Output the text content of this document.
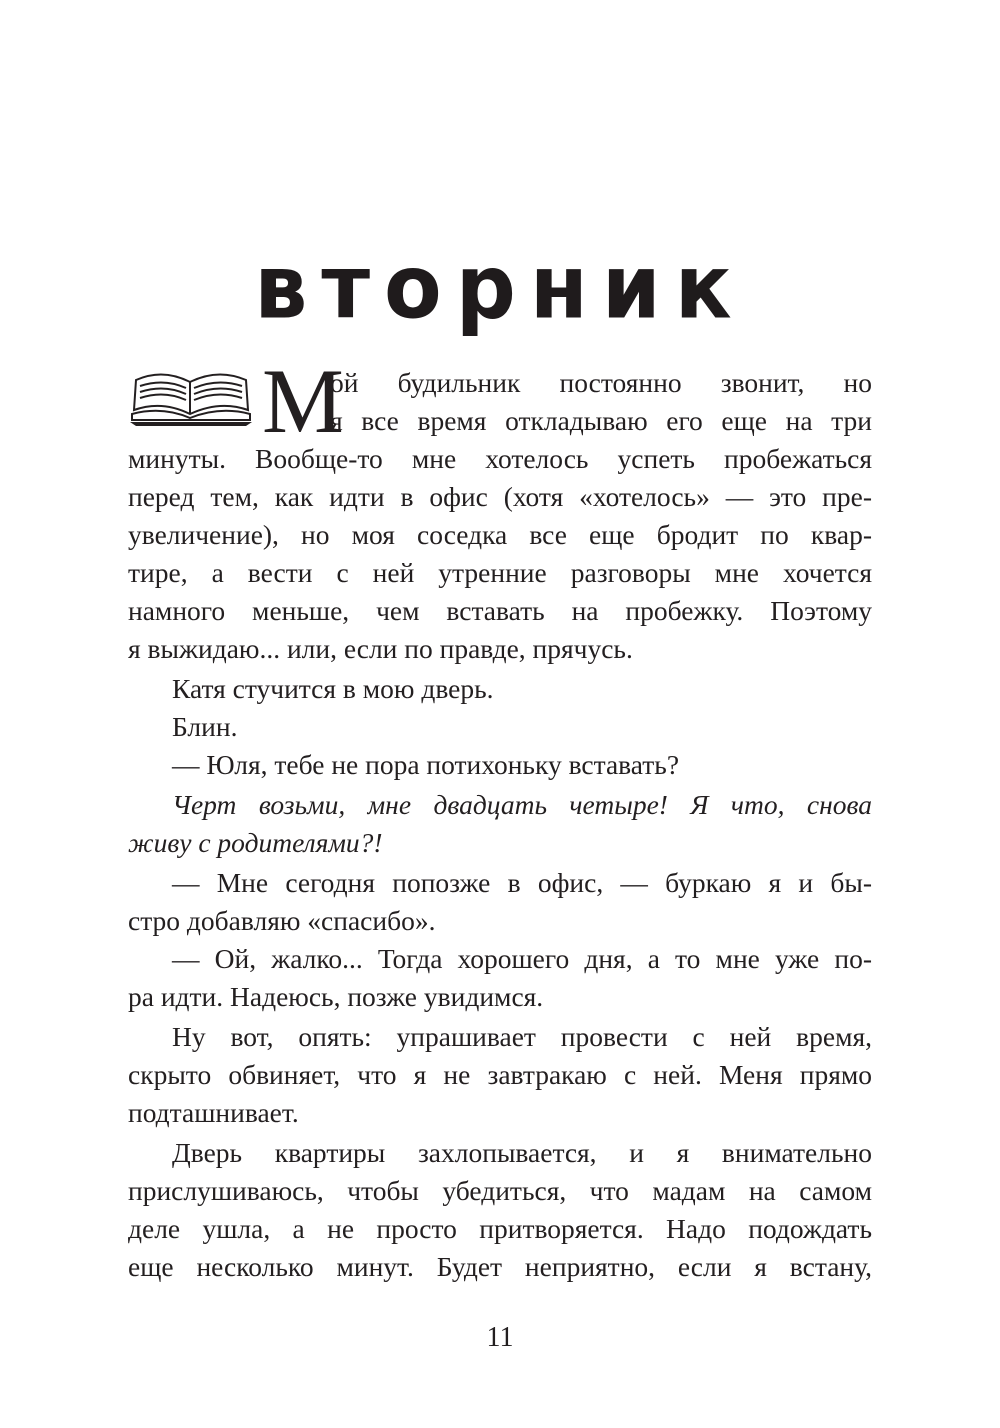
вторник
М
ой будильник постоянно звонит, но
я все время откладываю его еще на три
минуты. Вообще-то мне хотелось успеть пробежаться
перед тем, как идти в офис (хотя «хотелось» — это пре-
увеличение), но моя соседка все еще бродит по квар-
тире, а вести с ней утренние разговоры мне хочется
намного меньше, чем вставать на пробежку. Поэтому
я выжидаю... или, если по правде, прячусь.
Катя стучится в мою дверь.
Блин.
— Юля, тебе не пора потихоньку вставать?
Черт возьми, мне двадцать четыре! Я что, снова
живу с родителями?!
— Мне сегодня попозже в офис, — буркаю я и бы-
стро добавляю «спасибо».
— Ой, жалко... Тогда хорошего дня, а то мне уже по-
ра идти. Надеюсь, позже увидимся.
Ну вот, опять: упрашивает провести с ней время,
скрыто обвиняет, что я не завтракаю с ней. Меня прямо
подташнивает.
Дверь квартиры захлопывается, и я внимательно
прислушиваюсь, чтобы убедиться, что мадам на самом
деле ушла, а не просто притворяется. Надо подождать
еще несколько минут. Будет неприятно, если я встану,
11
